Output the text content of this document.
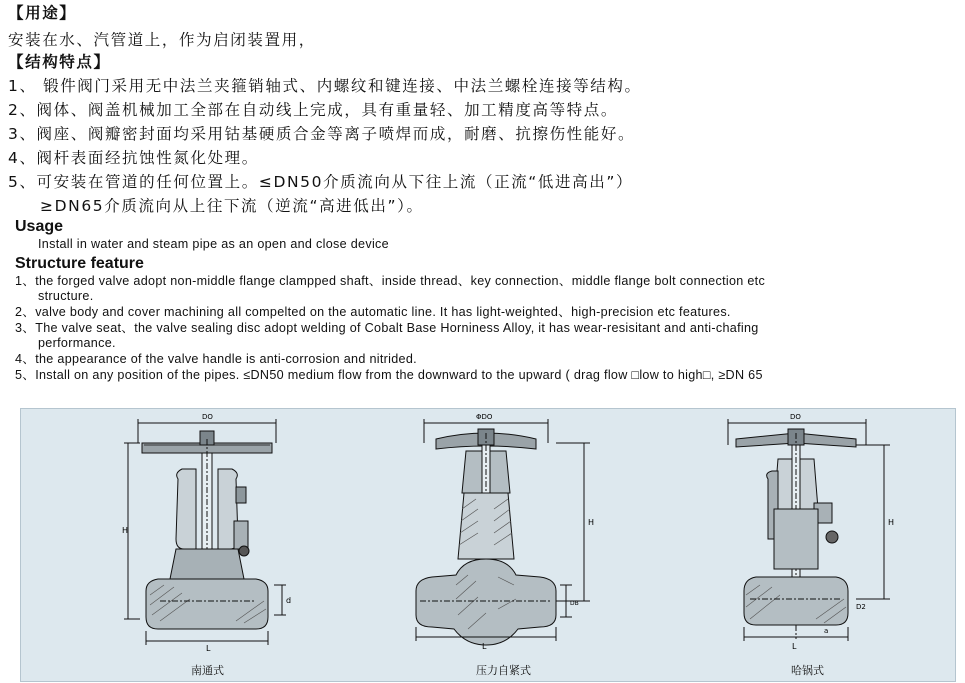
【用途】
安装在水、汽管道上，作为启闭装置用，
【结构特点】
1、 锻件阀门采用无中法兰夹箍销轴式、内螺纹和键连接、中法兰螺栓连接等结构。
2、阀体、阀盖机械加工全部在自动线上完成，具有重量轻、加工精度高等特点。
3、阀座、阀瓣密封面均采用钴基硬质合金等离子喷焊而成，耐磨、抗擦伤性能好。
4、阀杆表面经抗蚀性氮化处理。
5、可安装在管道的任何位置上。≤DN50介质流向从下往上流（正流“低进高出”）
≥DN65介质流向从上往下流（逆流“高进低出”）。
Usage
Install in water and steam pipe as an open and close device
Structure feature
1、the forged valve adopt non-middle flange clampped shaft、inside thread、key connection、middle flange bolt connection etc
structure.
2、valve body and cover machining all compelted on the automatic line. It has light-weighted、high-precision etc features.
3、The valve seat、the valve sealing disc adopt welding of Cobalt Base Horniness Alloy, it has wear-resisitant and anti-chafing
performance.
4、the appearance of the valve handle is anti-corrosion and nitrided.
5、Install on any position of the pipes. ≤DN50 medium flow from the downward to the upward ( drag flow □low to high□, ≥DN 65
DO
H
L
d
南通式
ΦDO
H
L
DB
压力自紧式
DO
H
L
D2
a
哈锅式
